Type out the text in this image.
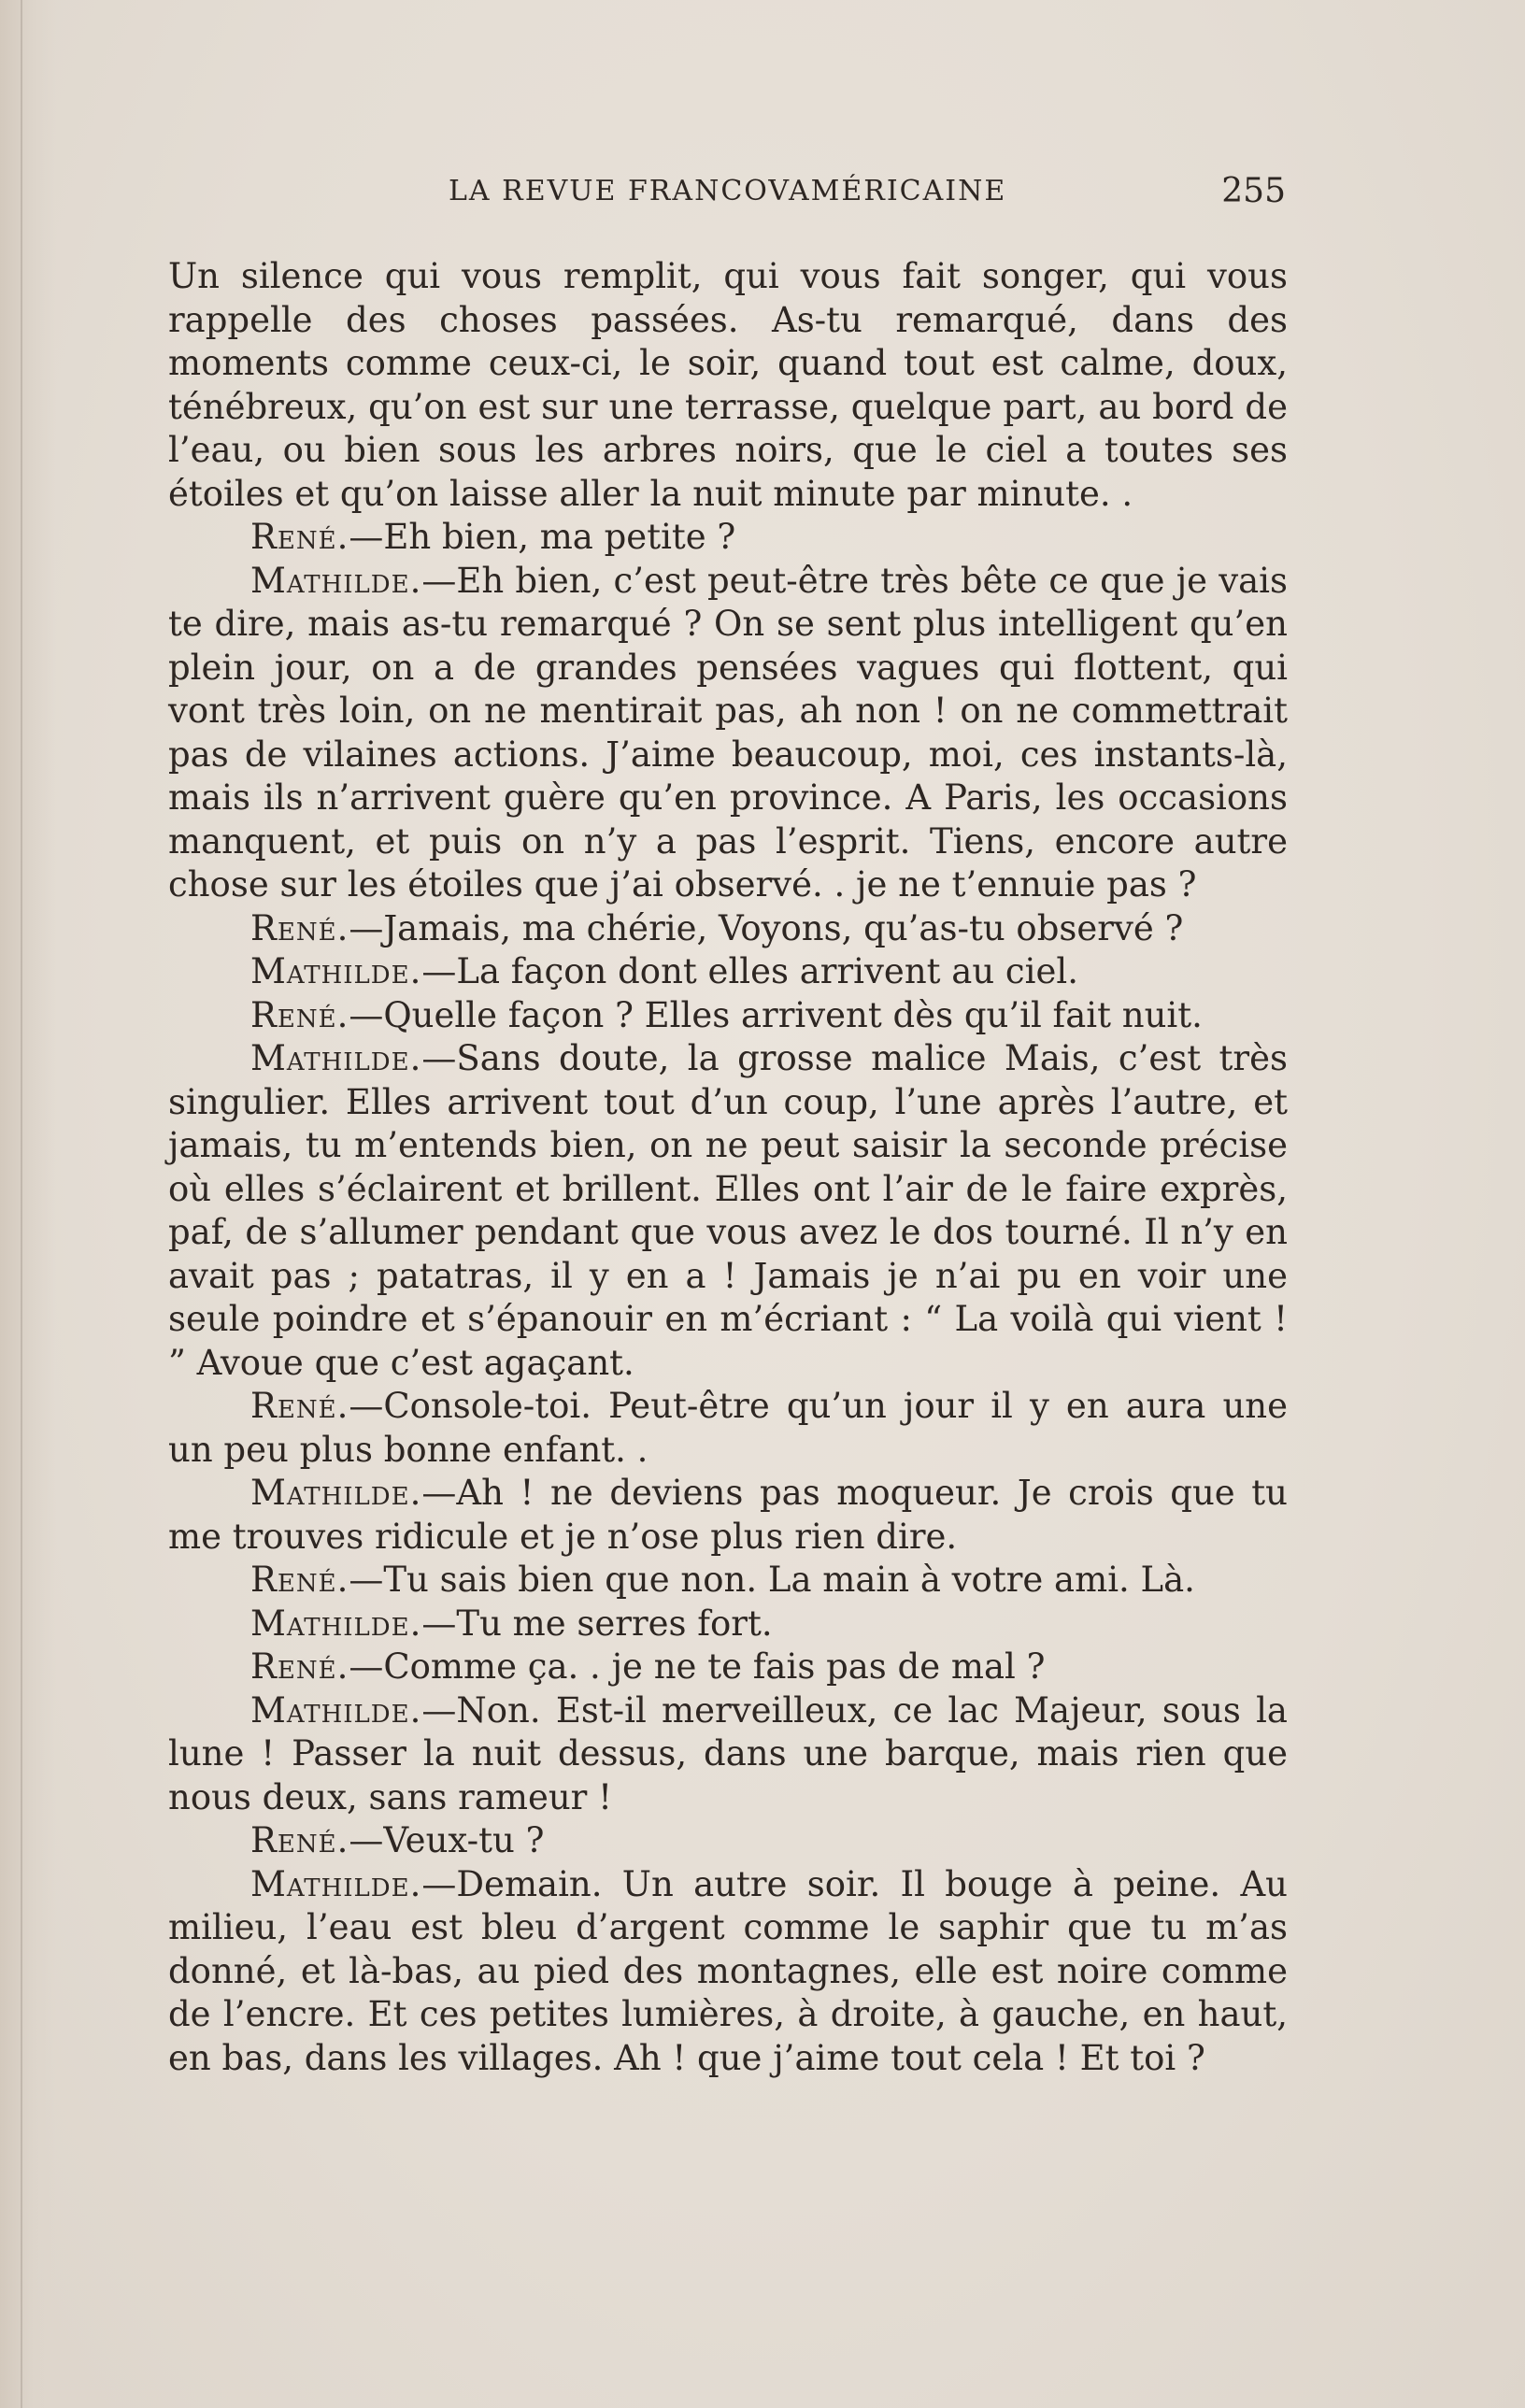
LA REVUE FRANCOVAMÉRICAINE	255

Un silence qui vous remplit, qui vous fait songer, qui vous rappelle des choses passées. As-tu remarqué, dans des moments comme ceux-ci, le soir, quand tout est calme, doux, ténébreux, qu’on est sur une terrasse, quelque part, au bord de l’eau, ou bien sous les arbres noirs, que le ciel a toutes ses étoiles et qu’on laisse aller la nuit minute par minute. .

René.—Eh bien, ma petite ?

Mathilde.—Eh bien, c’est peut-être très bête ce que je vais te dire, mais as-tu remarqué ? On se sent plus intelligent qu’en plein jour, on a de grandes pensées vagues qui flottent, qui vont très loin, on ne mentirait pas, ah non ! on ne commettrait pas de vilaines actions. J’aime beaucoup, moi, ces instants-là, mais ils n’arrivent guère qu’en province. A Paris, les occasions manquent, et puis on n’y a pas l’esprit. Tiens, encore autre chose sur les étoiles que j’ai observé. . je ne t’ennuie pas ?

René.—Jamais, ma chérie, Voyons, qu’as-tu observé ?

Mathilde.—La façon dont elles arrivent au ciel.

René.—Quelle façon ? Elles arrivent dès qu’il fait nuit.

Mathilde.—Sans doute, la grosse malice Mais, c’est très singulier. Elles arrivent tout d’un coup, l’une après l’autre, et jamais, tu m’entends bien, on ne peut saisir la seconde précise où elles s’éclairent et brillent. Elles ont l’air de le faire exprès, paf, de s’allumer pendant que vous avez le dos tourné. Il n’y en avait pas ; patatras, il y en a ! Jamais je n’ai pu en voir une seule poindre et s’épanouir en m’écriant : “ La voilà qui vient ! ” Avoue que c’est agaçant.

René.—Console-toi. Peut-être qu’un jour il y en aura une un peu plus bonne enfant. .

Mathilde.—Ah ! ne deviens pas moqueur. Je crois que tu me trouves ridicule et je n’ose plus rien dire.

René.—Tu sais bien que non. La main à votre ami. Là.

Mathilde.—Tu me serres fort.

René.—Comme ça. . je ne te fais pas de mal ?

Mathilde.—Non. Est-il merveilleux, ce lac Majeur, sous la lune ! Passer la nuit dessus, dans une barque, mais rien que nous deux, sans rameur !

René.—Veux-tu ?

Mathilde.—Demain. Un autre soir. Il bouge à peine. Au milieu, l’eau est bleu d’argent comme le saphir que tu m’as donné, et là-bas, au pied des montagnes, elle est noire comme de l’encre. Et ces petites lumières, à droite, à gauche, en haut, en bas, dans les villages. Ah ! que j’aime tout cela ! Et toi ?
